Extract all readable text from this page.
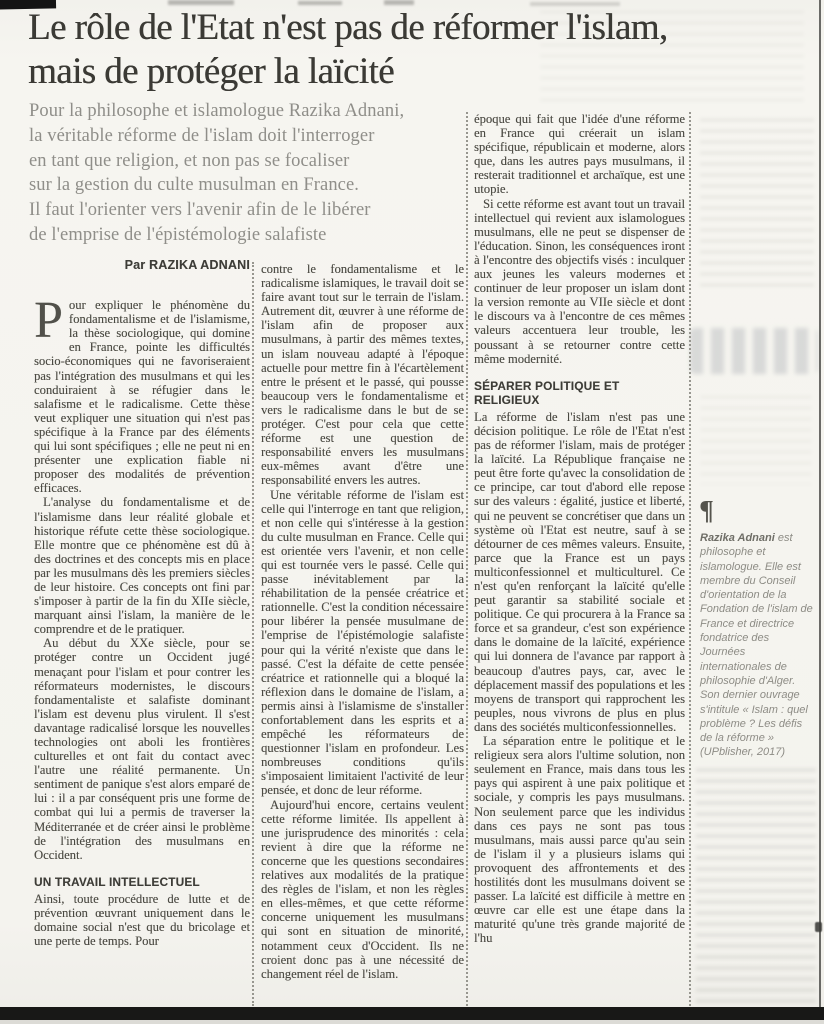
Le rôle de l'Etat n'est pas de réformer l'islam,
mais de protéger la laïcité
Pour la philosophe et islamologue Razika Adnani,
la véritable réforme de l'islam doit l'interroger
en tant que religion, et non pas se focaliser
sur la gestion du culte musulman en France.
Il faut l'orienter vers l'avenir afin de le libérer
de l'emprise de l'épistémologie salafiste
Par RAZIKA ADNANI

Pour expliquer le phénomène du fondamentalisme et de l'islamisme, la thèse sociologique, qui domine en France, pointe les difficultés socio-économiques qui ne favoriseraient pas l'intégration des musulmans et qui les conduiraient à se réfugier dans le salafisme et le radicalisme. Cette thèse veut expliquer une situation qui n'est pas spécifique à la France par des éléments qui lui sont spécifiques ; elle ne peut ni en présenter une explication fiable ni proposer des modalités de prévention efficaces.

L'analyse du fondamentalisme et de l'islamisme dans leur réalité globale et historique réfute cette thèse sociologique. Elle montre que ce phénomène est dû à des doctrines et des concepts mis en place par les musulmans dès les premiers siècles de leur histoire. Ces concepts ont fini par s'imposer à partir de la fin du XIIe siècle, marquant ainsi l'islam, la manière de le comprendre et de le pratiquer.

Au début du XXe siècle, pour se protéger contre un Occident jugé menaçant pour l'islam et pour contrer les réformateurs modernistes, le discours fondamentaliste et salafiste dominant l'islam est devenu plus virulent. Il s'est davantage radicalisé lorsque les nouvelles technologies ont aboli les frontières culturelles et ont fait du contact avec l'autre une réalité permanente. Un sentiment de panique s'est alors emparé de lui : il a par conséquent pris une forme de combat qui lui a permis de traverser la Méditerranée et de créer ainsi le problème de l'intégration des musulmans en Occident.

UN TRAVAIL INTELLECTUEL

Ainsi, toute procédure de lutte et de prévention œuvrant uniquement dans le domaine social n'est que du bricolage et une perte de temps. Pour

contre le fondamentalisme et le radicalisme islamiques, le travail doit se faire avant tout sur le terrain de l'islam. Autrement dit, œuvrer à une réforme de l'islam afin de proposer aux musulmans, à partir des mêmes textes, un islam nouveau adapté à l'époque actuelle pour mettre fin à l'écartèlement entre le présent et le passé, qui pousse beaucoup vers le fondamentalisme et vers le radicalisme dans le but de se protéger. C'est pour cela que cette réforme est une question de responsabilité envers les musulmans eux-mêmes avant d'être une responsabilité envers les autres.

Une véritable réforme de l'islam est celle qui l'interroge en tant que religion, et non celle qui s'intéresse à la gestion du culte musulman en France. Celle qui est orientée vers l'avenir, et non celle qui est tournée vers le passé. Celle qui passe inévitablement par la réhabilitation de la pensée créatrice et rationnelle. C'est la condition nécessaire pour libérer la pensée musulmane de l'emprise de l'épistémologie salafiste pour qui la vérité n'existe que dans le passé. C'est la défaite de cette pensée créatrice et rationnelle qui a bloqué la réflexion dans le domaine de l'islam, a permis ainsi à l'islamisme de s'installer confortablement dans les esprits et a empêché les réformateurs de questionner l'islam en profondeur. Les nombreuses conditions qu'ils s'imposaient limitaient l'activité de leur pensée, et donc de leur réforme.

Aujourd'hui encore, certains veulent cette réforme limitée. Ils appellent à une jurisprudence des minorités : cela revient à dire que la réforme ne concerne que les questions secondaires relatives aux modalités de la pratique des règles de l'islam, et non les règles en elles-mêmes, et que cette réforme concerne uniquement les musulmans qui sont en situation de minorité, notamment ceux d'Occident. Ils ne croient donc pas à une nécessité de changement réel de l'islam.

époque qui fait que l'idée d'une réforme en France qui créerait un islam spécifique, républicain et moderne, alors que, dans les autres pays musulmans, il resterait traditionnel et archaïque, est une utopie.

Si cette réforme est avant tout un travail intellectuel qui revient aux islamologues musulmans, elle ne peut se dispenser de l'éducation. Sinon, les conséquences iront à l'encontre des objectifs visés : inculquer aux jeunes les valeurs modernes et continuer de leur proposer un islam dont la version remonte au VIIe siècle et dont le discours va à l'encontre de ces mêmes valeurs accentuera leur trouble, les poussant à se retourner contre cette même modernité.

SÉPARER POLITIQUE ET RELIGIEUX

La réforme de l'islam n'est pas une décision politique. Le rôle de l'Etat n'est pas de réformer l'islam, mais de protéger la laïcité. La République française ne peut être forte qu'avec la consolidation de ce principe, car tout d'abord elle repose sur des valeurs : égalité, justice et liberté, qui ne peuvent se concrétiser que dans un système où l'Etat est neutre, sauf à se détourner de ces mêmes valeurs. Ensuite, parce que la France est un pays multiconfessionnel et multiculturel. Ce n'est qu'en renforçant la laïcité qu'elle peut garantir sa stabilité sociale et politique. Ce qui procurera à la France sa force et sa grandeur, c'est son expérience dans le domaine de la laïcité, expérience qui lui donnera de l'avance par rapport à beaucoup d'autres pays, car, avec le déplacement massif des populations et les moyens de transport qui rapprochent les peuples, nous vivrons de plus en plus dans des sociétés multiconfessionnelles.

La séparation entre le politique et le religieux sera alors l'ultime solution, non seulement en France, mais dans tous les pays qui aspirent à une paix politique et sociale, y compris les pays musulmans. Non seulement parce que les individus dans ces pays ne sont pas tous musulmans, mais aussi parce qu'au sein de l'islam il y a plusieurs islams qui provoquent des affrontements et des hostilités dont les musulmans doivent se passer. La laïcité est difficile à mettre en œuvre car elle est une étape dans la maturité qu'une très grande majorité de l'hu

¶
Razika Adnani est philosophe et islamologue. Elle est membre du Conseil d'orientation de la Fondation de l'islam de France et directrice fondatrice des Journées internationales de philosophie d'Alger. Son dernier ouvrage s'intitule « Islam : quel problème ? Les défis de la réforme » (UPblisher, 2017)
